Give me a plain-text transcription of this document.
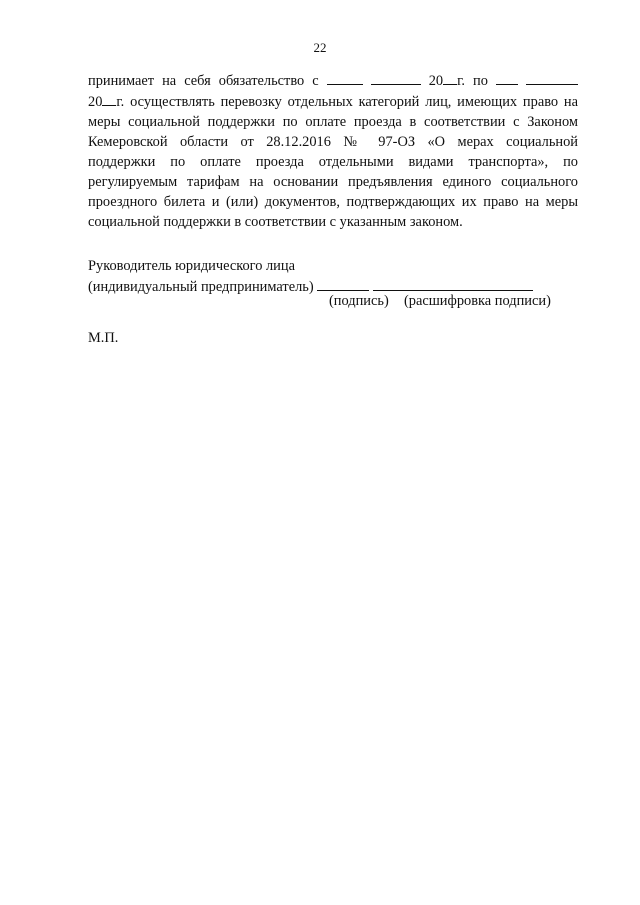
22
принимает на себя обязательство с	20 г. по
20 г. осуществлять перевозку отдельных категорий лиц, имеющих право на
меры социальной поддержки по оплате проезда в соответствии с Законом
Кемеровской области от 28.12.2016 № 97-ОЗ «О мерах социальной
поддержки по оплате проезда отдельными видами транспорта», по
регулируемым тарифам на основании предъявления единого социального
проездного билета и (или) документов, подтверждающих их право на меры
социальной поддержки в соответствии с указанным законом.
Руководитель юридического лица
(индивидуальный предприниматель)
(подпись) (расшифровка подписи)
М.П.
